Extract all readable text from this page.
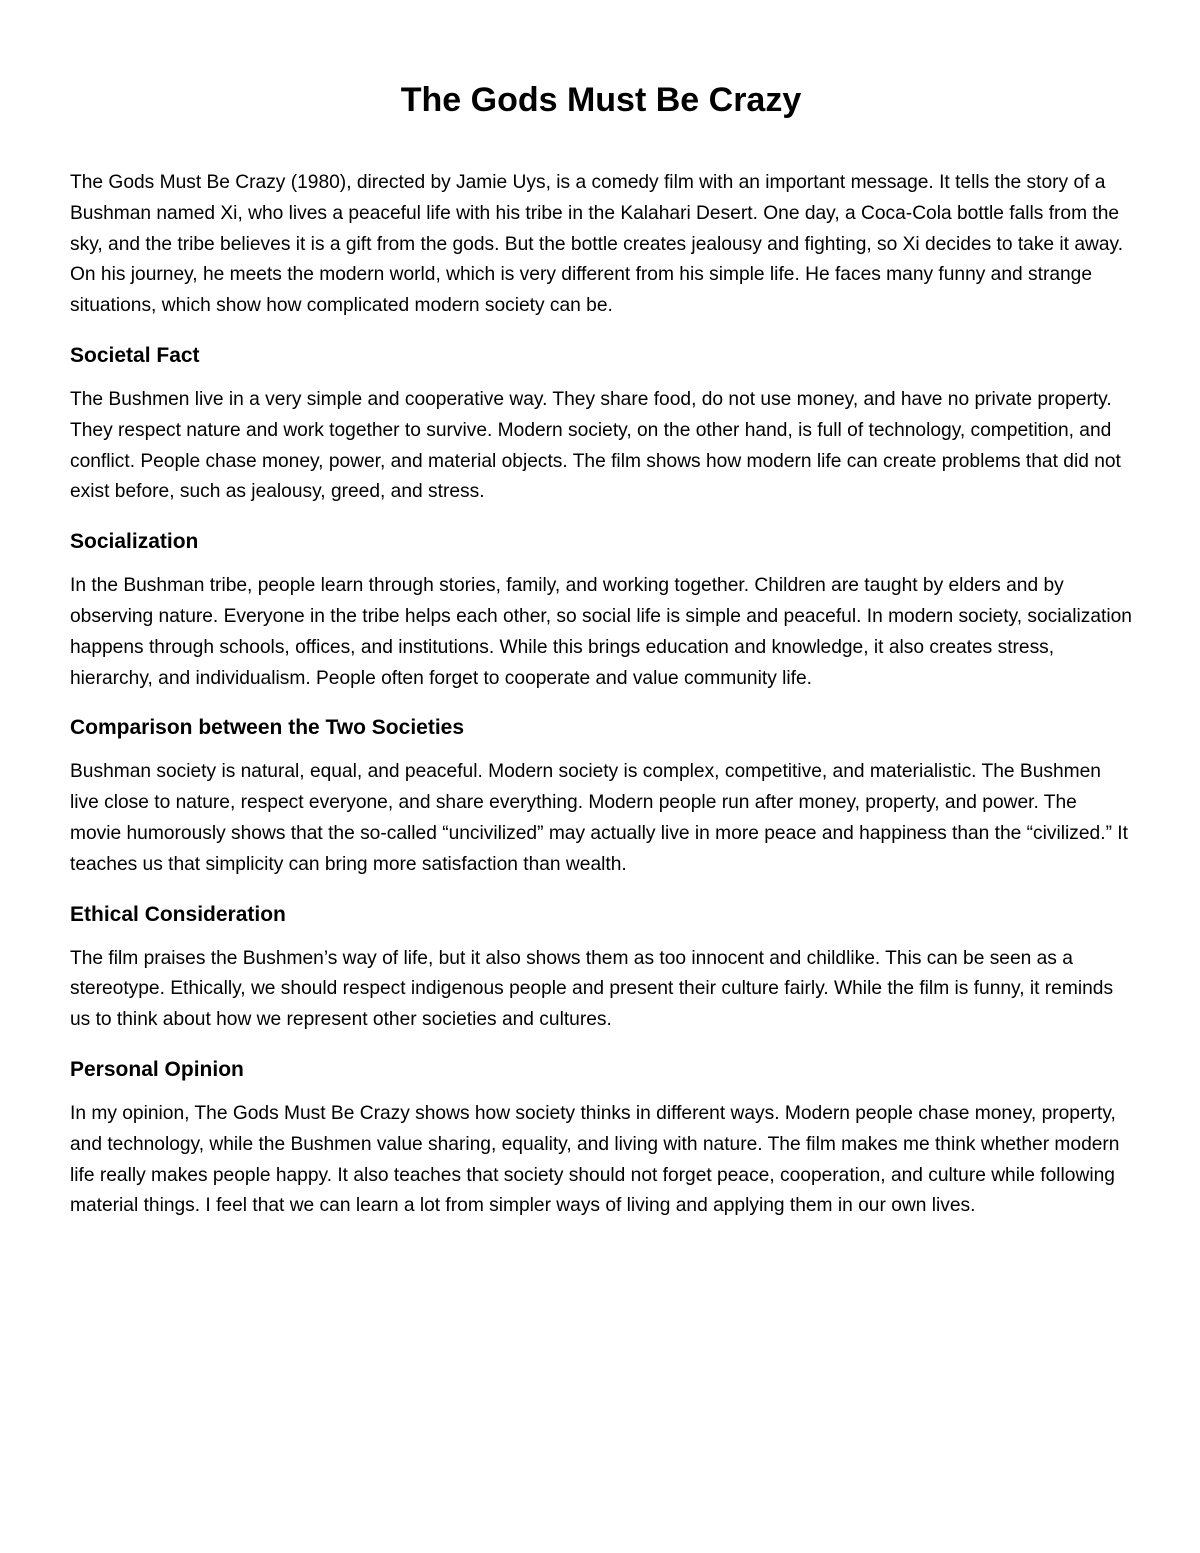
The Gods Must Be Crazy

The Gods Must Be Crazy (1980), directed by Jamie Uys, is a comedy film with an important message. It tells the story of a Bushman named Xi, who lives a peaceful life with his tribe in the Kalahari Desert. One day, a Coca-Cola bottle falls from the sky, and the tribe believes it is a gift from the gods. But the bottle creates jealousy and fighting, so Xi decides to take it away. On his journey, he meets the modern world, which is very different from his simple life. He faces many funny and strange situations, which show how complicated modern society can be.

Societal Fact

The Bushmen live in a very simple and cooperative way. They share food, do not use money, and have no private property. They respect nature and work together to survive. Modern society, on the other hand, is full of technology, competition, and conflict. People chase money, power, and material objects. The film shows how modern life can create problems that did not exist before, such as jealousy, greed, and stress.

Socialization

In the Bushman tribe, people learn through stories, family, and working together. Children are taught by elders and by observing nature. Everyone in the tribe helps each other, so social life is simple and peaceful. In modern society, socialization happens through schools, offices, and institutions. While this brings education and knowledge, it also creates stress, hierarchy, and individualism. People often forget to cooperate and value community life.

Comparison between the Two Societies

Bushman society is natural, equal, and peaceful. Modern society is complex, competitive, and materialistic. The Bushmen live close to nature, respect everyone, and share everything. Modern people run after money, property, and power. The movie humorously shows that the so-called “uncivilized” may actually live in more peace and happiness than the “civilized.” It teaches us that simplicity can bring more satisfaction than wealth.

Ethical Consideration

The film praises the Bushmen’s way of life, but it also shows them as too innocent and childlike. This can be seen as a stereotype. Ethically, we should respect indigenous people and present their culture fairly. While the film is funny, it reminds us to think about how we represent other societies and cultures.

Personal Opinion

In my opinion, The Gods Must Be Crazy shows how society thinks in different ways. Modern people chase money, property, and technology, while the Bushmen value sharing, equality, and living with nature. The film makes me think whether modern life really makes people happy. It also teaches that society should not forget peace, cooperation, and culture while following material things. I feel that we can learn a lot from simpler ways of living and applying them in our own lives.
